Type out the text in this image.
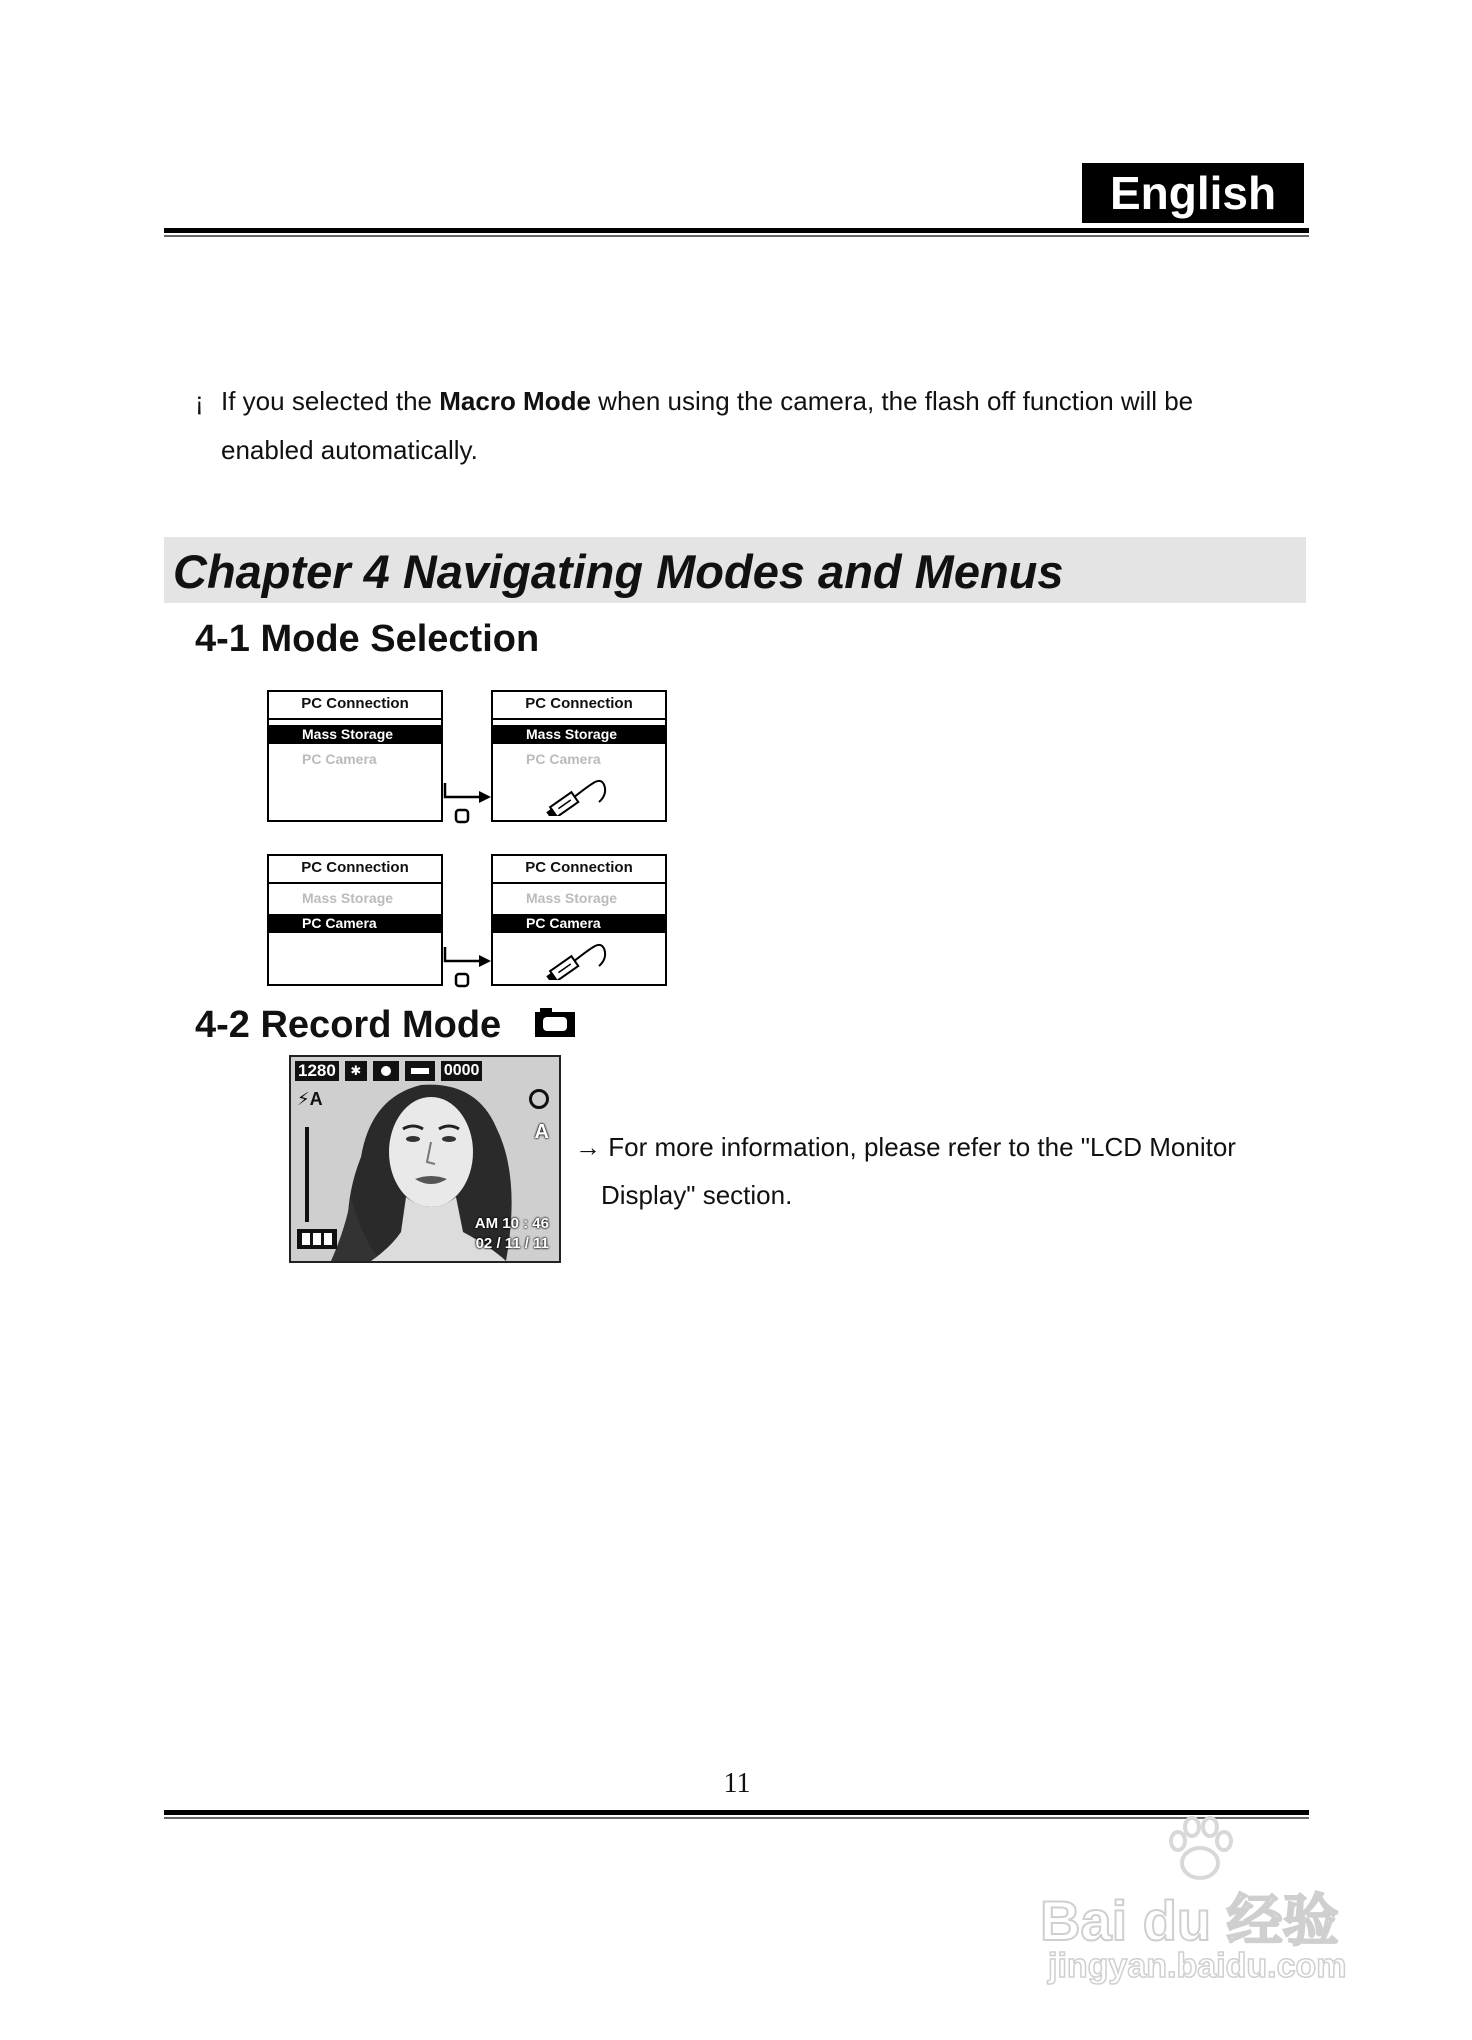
English
¡ If you selected the Macro Mode when using the camera, the flash off function will be
enabled automatically.
Chapter 4 Navigating Modes and Menus
4-1 Mode Selection
PC Connection
Mass Storage
PC Camera
PC Connection
Mass Storage
PC Camera
PC Connection
Mass Storage
PC Camera
PC Connection
Mass Storage
PC Camera
4-2 Record Mode
1280	✱	0000
⚡A
A
AM 10 : 46
02 / 11 / 11
→ For more information, please refer to the "LCD Monitor
Display" section.
11
Bai du 经验
jingyan.baidu.com
